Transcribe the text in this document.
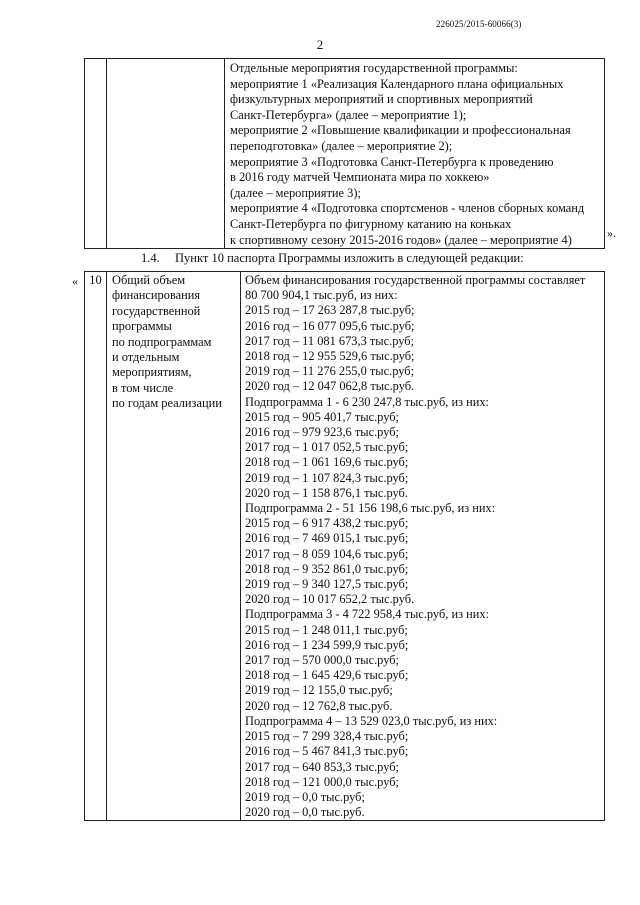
226025/2015-60066(3)
2

Отдельные мероприятия государственной программы:
мероприятие 1 «Реализация Календарного плана официальных
физкультурных мероприятий и спортивных мероприятий
Санкт-Петербурга» (далее – мероприятие 1);
мероприятие 2 «Повышение квалификации и профессиональная
переподготовка» (далее – мероприятие 2);
мероприятие 3 «Подготовка Санкт-Петербурга к проведению
в 2016 году матчей Чемпионата мира по хоккею»
(далее – мероприятие 3);
мероприятие 4 «Подготовка спортсменов - членов сборных команд
Санкт-Петербурга по фигурному катанию на коньках
к спортивному сезону 2015-2016 годов» (далее – мероприятие 4)	».
1.4. Пункт 10 паспорта Программы изложить в следующей редакции:
« 10	Общий объем
финансирования
государственной
программы
по подпрограммам
и отдельным
мероприятиям,
в том числе
по годам реализации

Объем финансирования государственной программы составляет
80 700 904,1 тыс.руб, из них:
2015 год – 17 263 287,8 тыс.руб;
2016 год – 16 077 095,6 тыс.руб;
2017 год – 11 081 673,3 тыс.руб;
2018 год – 12 955 529,6 тыс.руб;
2019 год – 11 276 255,0 тыс.руб;
2020 год – 12 047 062,8 тыс.руб.
Подпрограмма 1 - 6 230 247,8 тыс.руб, из них:
2015 год – 905 401,7 тыс.руб;
2016 год – 979 923,6 тыс.руб;
2017 год – 1 017 052,5 тыс.руб;
2018 год – 1 061 169,6 тыс.руб;
2019 год – 1 107 824,3 тыс.руб;
2020 год – 1 158 876,1 тыс.руб.
Подпрограмма 2 - 51 156 198,6 тыс.руб, из них:
2015 год – 6 917 438,2 тыс.руб;
2016 год – 7 469 015,1 тыс.руб;
2017 год – 8 059 104,6 тыс.руб;
2018 год – 9 352 861,0 тыс.руб;
2019 год – 9 340 127,5 тыс.руб;
2020 год – 10 017 652,2 тыс.руб.
Подпрограмма 3 - 4 722 958,4 тыс.руб, из них:
2015 год – 1 248 011,1 тыс.руб;
2016 год – 1 234 599,9 тыс.руб;
2017 год – 570 000,0 тыс.руб;
2018 год – 1 645 429,6 тыс.руб;
2019 год – 12 155,0 тыс.руб;
2020 год – 12 762,8 тыс.руб.
Подпрограмма 4 – 13 529 023,0 тыс.руб, из них:
2015 год – 7 299 328,4 тыс.руб;
2016 год – 5 467 841,3 тыс.руб;
2017 год – 640 853,3 тыс.руб;
2018 год – 121 000,0 тыс.руб;
2019 год – 0,0 тыс.руб;
2020 год – 0,0 тыс.руб.
